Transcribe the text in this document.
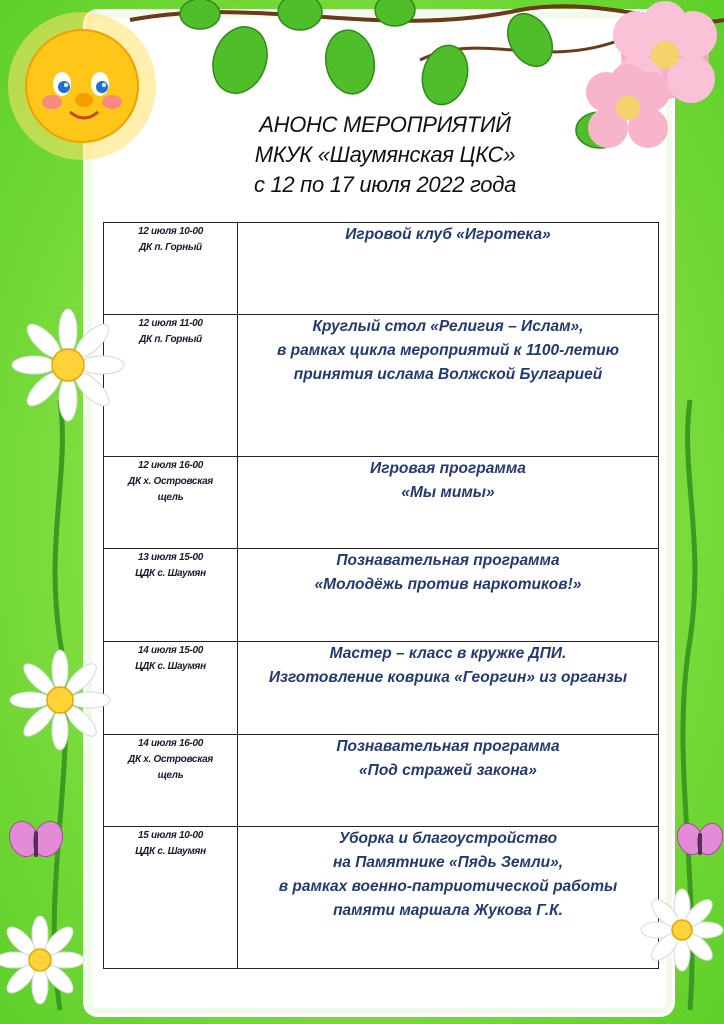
АНОНС МЕРОПРИЯТИЙ
МКУК «Шаумянская ЦКС»
с 12 по 17 июля 2022 года
12 июля 10-00
ДК п. Горный	Игровой клуб «Игротека»

12 июля 11-00
ДК п. Горный	Круглый стол «Религия – Ислам»,
в рамках цикла мероприятий к 1100-летию
принятия ислама Волжской Булгарией

12 июля 16-00
ДК х. Островская
щель	Игровая программа
«Мы мимы»

13 июля 15-00
ЦДК с. Шаумян	Познавательная программа
«Молодёжь против наркотиков!»

14 июля 15-00
ЦДК с. Шаумян	Мастер – класс в кружке ДПИ.
Изготовление коврика «Георгин» из органзы

14 июля 16-00
ДК х. Островская
щель	Познавательная программа
«Под стражей закона»

15 июля 10-00
ЦДК с. Шаумян	Уборка и благоустройство
на Памятнике «Пядь Земли»,
в рамках военно-патриотической работы
памяти маршала Жукова Г.К.
